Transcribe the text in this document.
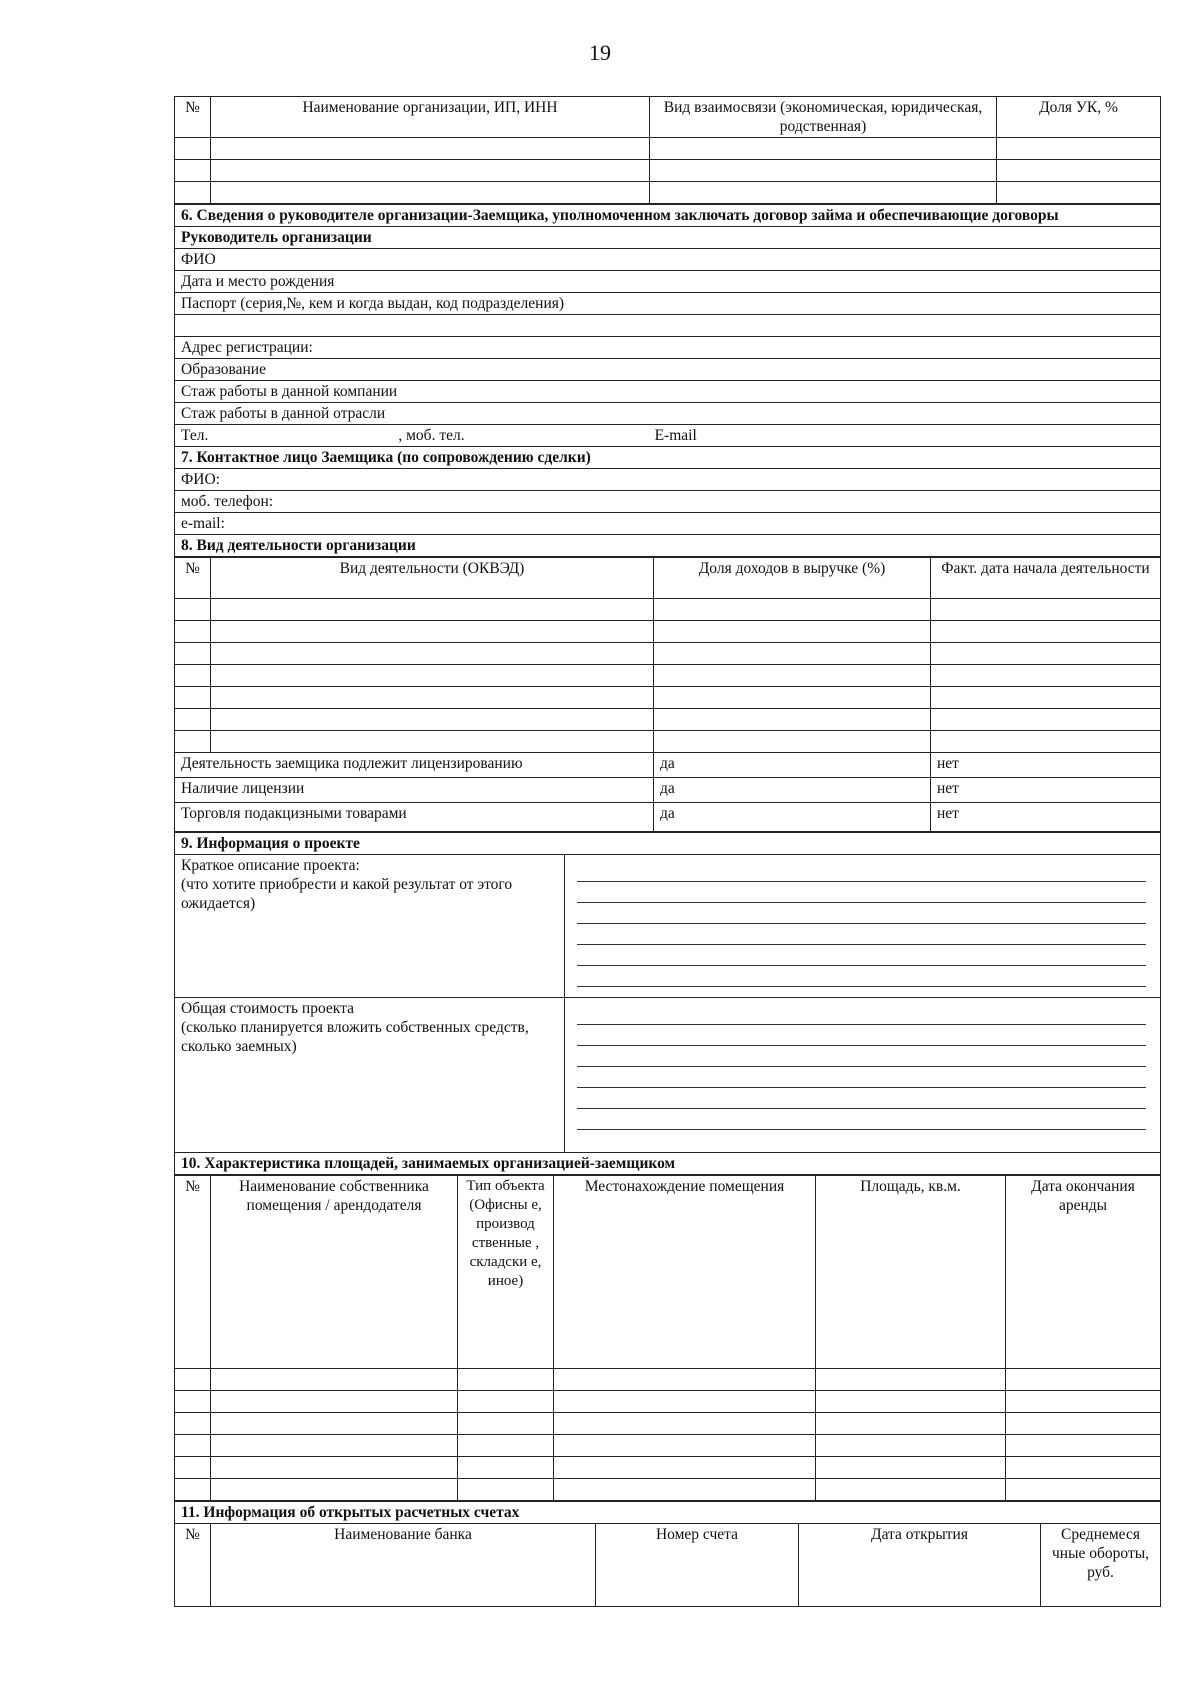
19
№	Наименование организации, ИП, ИНН	Вид взаимосвязи (экономическая, юридическая, родственная)	Доля УК, %

6. Сведения о руководителе организации-Заемщика, уполномоченном заключать договор займа и обеспечивающие договоры
Руководитель организации
ФИО
Дата и место рождения
Паспорт (серия,№, кем и когда выдан, код подразделения)

Адрес регистрации:
Образование
Стаж работы в данной компании
Стаж работы в данной отрасли
Тел.	, моб. тел.	E-mail
7. Контактное лицо Заемщика (по сопровождению сделки)
ФИО:
моб. телефон:
e-mail:
8. Вид деятельности организации
№	Вид деятельности (ОКВЭД)	Доля доходов в выручке (%)	Факт. дата начала деятельности

Деятельность заемщика подлежит лицензированию		да	нет
Наличие лицензии		да	нет
Торговля подакцизными товарами		да	нет
9. Информация о проекте	
Краткое описание проекта:
(что хотите приобрести и какой результат от этого ожидается)	

Общая стоимость проекта
(сколько планируется вложить собственных средств, сколько заемных)	

10. Характеристика площадей, занимаемых организацией-заемщиком	
№	Наименование собственника помещения / арендодателя	Тип объекта (Офисны е, производ ственные , складски е, иное)	Местонахождение помещения	Площадь, кв.м.	Дата окончания аренды

11. Информация об открытых расчетных счетах
№	Наименование банка	Номер счета	Дата открытия	Среднемеся чные обороты, руб.
